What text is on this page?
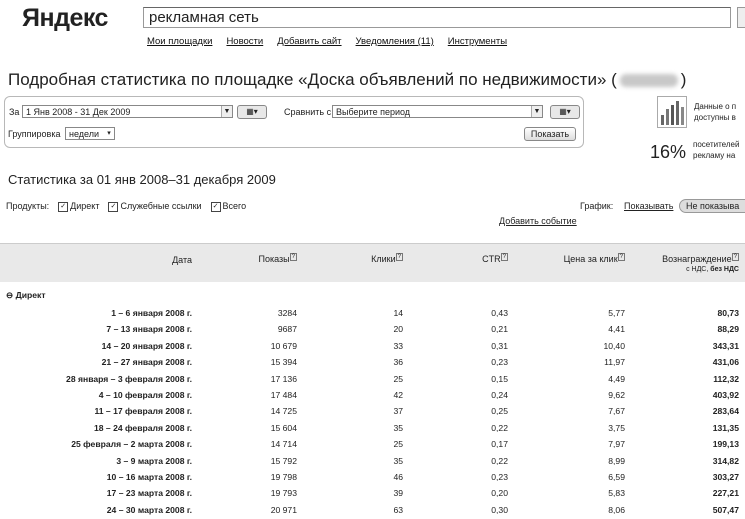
Яндекс	рекламная сеть
Мои площадки Новости Добавить сайт Уведомления (11) Инструменты
Подробная статистика по площадке «Доска объявлений по недвижимости» (	)
За 1 Янв 2008 - 31 Дек 2009	▼	▦▾	Сравнить с Выберите период	▼	▦▾
Группировка недели	▾	Показать
Данные о п
доступны в
16% посетителей
рекламу на
Статистика за 01 янв 2008–31 декабря 2009
Продукты: ✓ Директ ✓ Служебные ссылки ✓ Всего	График: Показывать	Не показыва
Добавить событие
Дата	Показы ?	Клики ?	CTR ?	Цена за клик ?	Вознаграждение ?
с НДС, без НДС
⊖ Директ
1 – 6 января 2008 г.	3284	14	0,43	5,77	80,73
7 – 13 января 2008 г.	9687	20	0,21	4,41	88,29
14 – 20 января 2008 г.	10 679	33	0,31	10,40	343,31
21 – 27 января 2008 г.	15 394	36	0,23	11,97	431,06
28 января – 3 февраля 2008 г.	17 136	25	0,15	4,49	112,32
4 – 10 февраля 2008 г.	17 484	42	0,24	9,62	403,92
11 – 17 февраля 2008 г.	14 725	37	0,25	7,67	283,64
18 – 24 февраля 2008 г.	15 604	35	0,22	3,75	131,35
25 февраля – 2 марта 2008 г.	14 714	25	0,17	7,97	199,13
3 – 9 марта 2008 г.	15 792	35	0,22	8,99	314,82
10 – 16 марта 2008 г.	19 798	46	0,23	6,59	303,27
17 – 23 марта 2008 г.	19 793	39	0,20	5,83	227,21
24 – 30 марта 2008 г.	20 971	63	0,30	8,06	507,47
